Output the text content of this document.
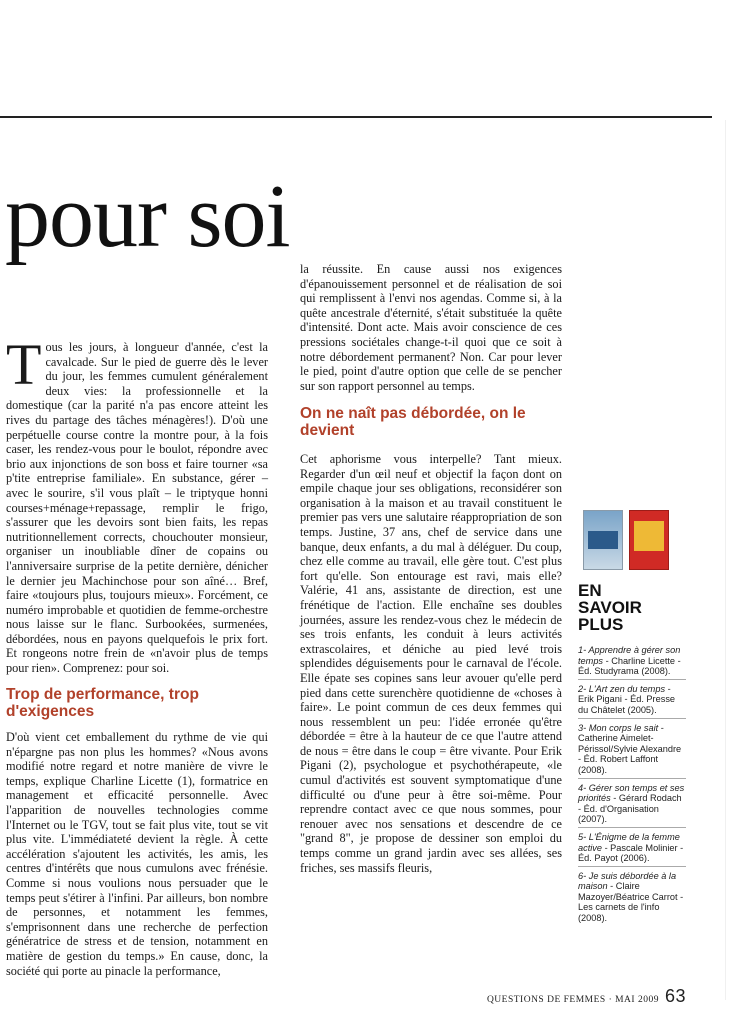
pour soi
T ous les jours, à longueur d'année, c'est la cavalcade. Sur le pied de guerre dès le lever du jour, les femmes cumulent généralement deux vies: la professionnelle et la domestique (car la parité n'a pas encore atteint les rives du partage des tâches ménagères!). D'où une perpétuelle course contre la montre pour, à la fois caser, les rendez-vous pour le boulot, répondre avec brio aux injonctions de son boss et faire tourner «sa p'tite entreprise familiale». En substance, gérer – avec le sourire, s'il vous plaît – le triptyque honni courses+ménage+repassage, remplir le frigo, s'assurer que les devoirs sont bien faits, les repas nutritionnellement corrects, chouchouter monsieur, organiser un inoubliable dîner de copains ou l'anniversaire surprise de la petite dernière, dénicher le dernier jeu Machinchose pour son aîné… Bref, faire «toujours plus, toujours mieux». Forcément, ce numéro improbable et quotidien de femme-orchestre nous laisse sur le flanc. Surbookées, surmenées, débordées, nous en payons quelquefois le prix fort. Et rongeons notre frein de «n'avoir plus de temps pour rien». Comprenez: pour soi.

Trop de performance, trop d'exigences

D'où vient cet emballement du rythme de vie qui n'épargne pas non plus les hommes? «Nous avons modifié notre regard et notre manière de vivre le temps, explique Charline Licette (1), formatrice en management et efficacité personnelle. Avec l'apparition de nouvelles technologies comme l'Internet ou le TGV, tout se fait plus vite, tout se vit plus vite. L'immédiateté devient la règle. À cette accélération s'ajoutent les activités, les amis, les centres d'intérêts que nous cumulons avec frénésie. Comme si nous voulions nous persuader que le temps peut s'étirer à l'infini. Par ailleurs, bon nombre de personnes, et notamment les femmes, s'emprisonnent dans une recherche de perfection génératrice de stress et de tension, notamment en matière de gestion du temps.» En cause, donc, la société qui porte au pinacle la performance,

la réussite. En cause aussi nos exigences d'épanouissement personnel et de réalisation de soi qui remplissent à l'envi nos agendas. Comme si, à la quête ancestrale d'éternité, s'était substituée la quête d'intensité. Dont acte. Mais avoir conscience de ces pressions sociétales change-t-il quoi que ce soit à notre débordement permanent? Non. Car pour lever le pied, point d'autre option que celle de se pencher sur son rapport personnel au temps.

On ne naît pas débordée, on le devient

Cet aphorisme vous interpelle? Tant mieux. Regarder d'un œil neuf et objectif la façon dont on empile chaque jour ses obligations, reconsidérer son organisation à la maison et au travail constituent le premier pas vers une salutaire réappropriation de son temps. Justine, 37 ans, chef de service dans une banque, deux enfants, a du mal à déléguer. Du coup, chez elle comme au travail, elle gère tout. C'est plus fort qu'elle. Son entourage est ravi, mais elle? Valérie, 41 ans, assistante de direction, est une frénétique de l'action. Elle enchaîne ses doubles journées, assure les rendez-vous chez le médecin de ses trois enfants, les conduit à leurs activités extrascolaires, et déniche au pied levé trois splendides déguisements pour le carnaval de l'école. Elle épate ses copines sans leur avouer qu'elle perd pied dans cette surenchère quotidienne de «choses à faire». Le point commun de ces deux femmes qui nous ressemblent un peu: l'idée erronée qu'être débordée = être à la hauteur de ce que l'autre attend de nous = être dans le coup = être vivante. Pour Erik Pigani (2), psychologue et psychothérapeute, «le cumul d'activités est souvent symptomatique d'une difficulté ou d'une peur à être soi-même. Pour reprendre contact avec ce que nous sommes, pour renouer avec nos sensations et descendre de ce "grand 8", je propose de dessiner son emploi du temps comme un grand jardin avec ses allées, ses friches, ses massifs fleuris,

EN
SAVOIR
PLUS
1- Apprendre à gérer son temps - Charline Licette - Éd. Studyrama (2008).
2- L'Art zen du temps - Erik Pigani - Éd. Presse du Châtelet (2005).
3- Mon corps le sait - Catherine Aimelet-Périssol/Sylvie Alexandre - Éd. Robert Laffont (2008).
4- Gérer son temps et ses priorités - Gérard Rodach - Éd. d'Organisation (2007).
5- L'Énigme de la femme active - Pascale Molinier - Éd. Payot (2006).
6- Je suis débordée à la maison - Claire Mazoyer/Béatrice Carrot - Les carnets de l'info (2008).
QUESTIONS DE FEMMES · MAI 2009 63
